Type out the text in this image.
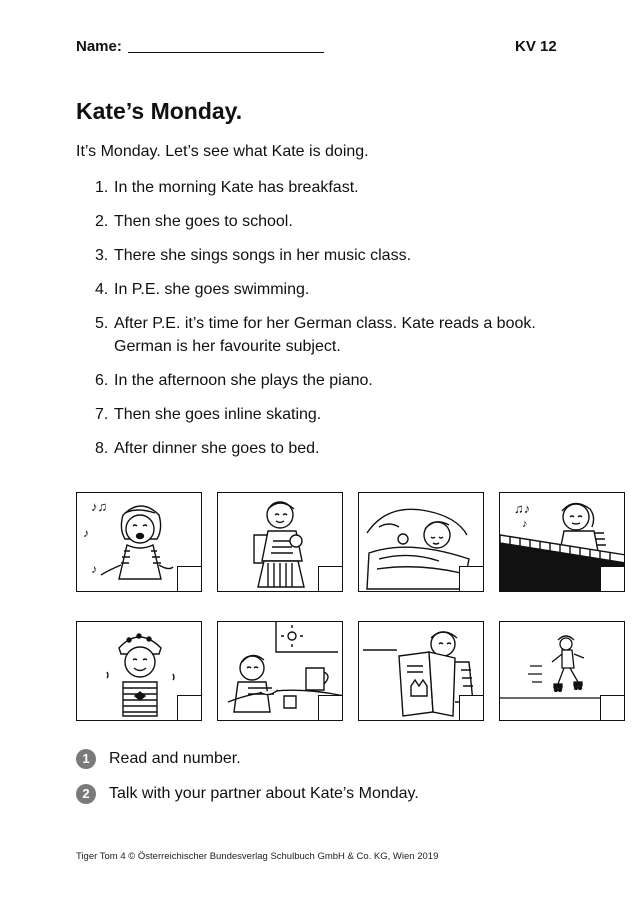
Name:	KV 12
Kate’s Monday.
It’s Monday. Let’s see what Kate is doing.
1. In the morning Kate has breakfast.
2. Then she goes to school.
3. There she sings songs in her music class.
4. In P.E. she goes swimming.
5. After P.E. it’s time for her German class. Kate reads a book. German is her favourite subject.
6. In the afternoon she plays the piano.
7. Then she goes inline skating.
8. After dinner she goes to bed.
♪♫
♪
♪
♫♪
♪
1 Read and number.
2 Talk with your partner about Kate’s Monday.
Tiger Tom 4 © Österreichischer Bundesverlag Schulbuch GmbH & Co. KG, Wien 2019
